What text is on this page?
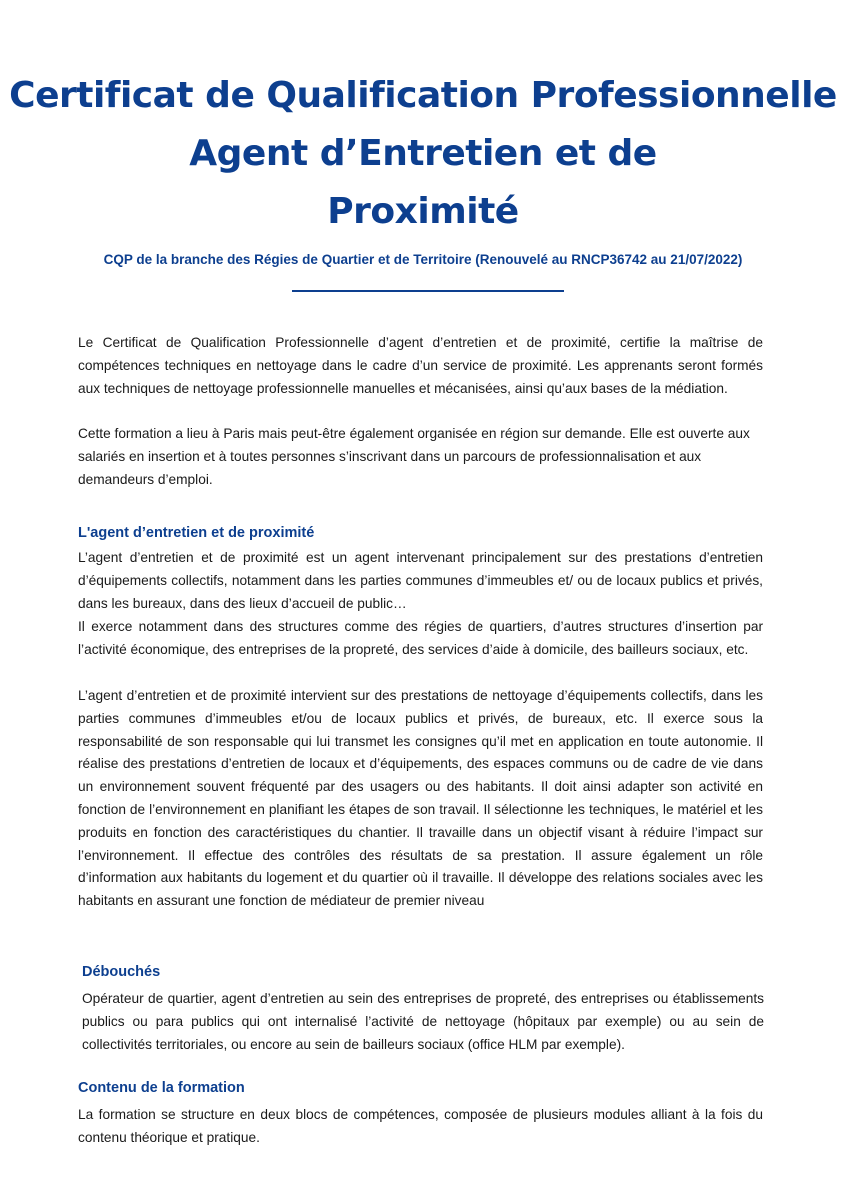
Certificat de Qualification Professionnelle
Agent d’Entretien et de
Proximité
CQP de la branche des Régies de Quartier et de Territoire (Renouvelé au RNCP36742 au 21/07/2022)

Le Certificat de Qualification Professionnelle d’agent d’entretien et de proximité, certifie la maîtrise de compétences techniques en nettoyage dans le cadre d’un service de proximité. Les apprenants seront formés aux techniques de nettoyage professionnelle manuelles et mécanisées, ainsi qu’aux bases de la médiation.

Cette formation a lieu à Paris mais peut-être également organisée en région sur demande. Elle est ouverte aux salariés en insertion et à toutes personnes s’inscrivant dans un parcours de professionnalisation et aux demandeurs d’emploi.

L'agent d’entretien et de proximité

L’agent d’entretien et de proximité est un agent intervenant principalement sur des prestations d’entretien d’équipements collectifs, notamment dans les parties communes d’immeubles et/ ou de locaux publics et privés, dans les bureaux, dans des lieux d’accueil de public…

Il exerce notamment dans des structures comme des régies de quartiers, d’autres structures d’insertion par l’activité économique, des entreprises de la propreté, des services d’aide à domicile, des bailleurs sociaux, etc.

L’agent d’entretien et de proximité intervient sur des prestations de nettoyage d’équipements collectifs, dans les parties communes d’immeubles et/ou de locaux publics et privés, de bureaux, etc. Il exerce sous la responsabilité de son responsable qui lui transmet les consignes qu’il met en application en toute autonomie. Il réalise des prestations d’entretien de locaux et d’équipements, des espaces communs ou de cadre de vie dans un environnement souvent fréquenté par des usagers ou des habitants. Il doit ainsi adapter son activité en fonction de l’environnement en planifiant les étapes de son travail. Il sélectionne les techniques, le matériel et les produits en fonction des caractéristiques du chantier. Il travaille dans un objectif visant à réduire l’impact sur l’environnement. Il effectue des contrôles des résultats de sa prestation. Il assure également un rôle d’information aux habitants du logement et du quartier où il travaille. Il développe des relations sociales avec les habitants en assurant une fonction de médiateur de premier niveau

Débouchés

Opérateur de quartier, agent d’entretien au sein des entreprises de propreté, des entreprises ou établissements publics ou para publics qui ont internalisé l’activité de nettoyage (hôpitaux par exemple) ou au sein de collectivités territoriales, ou encore au sein de bailleurs sociaux (office HLM par exemple).

Contenu de la formation

La formation se structure en deux blocs de compétences, composée de plusieurs modules alliant à la fois du contenu théorique et pratique.
